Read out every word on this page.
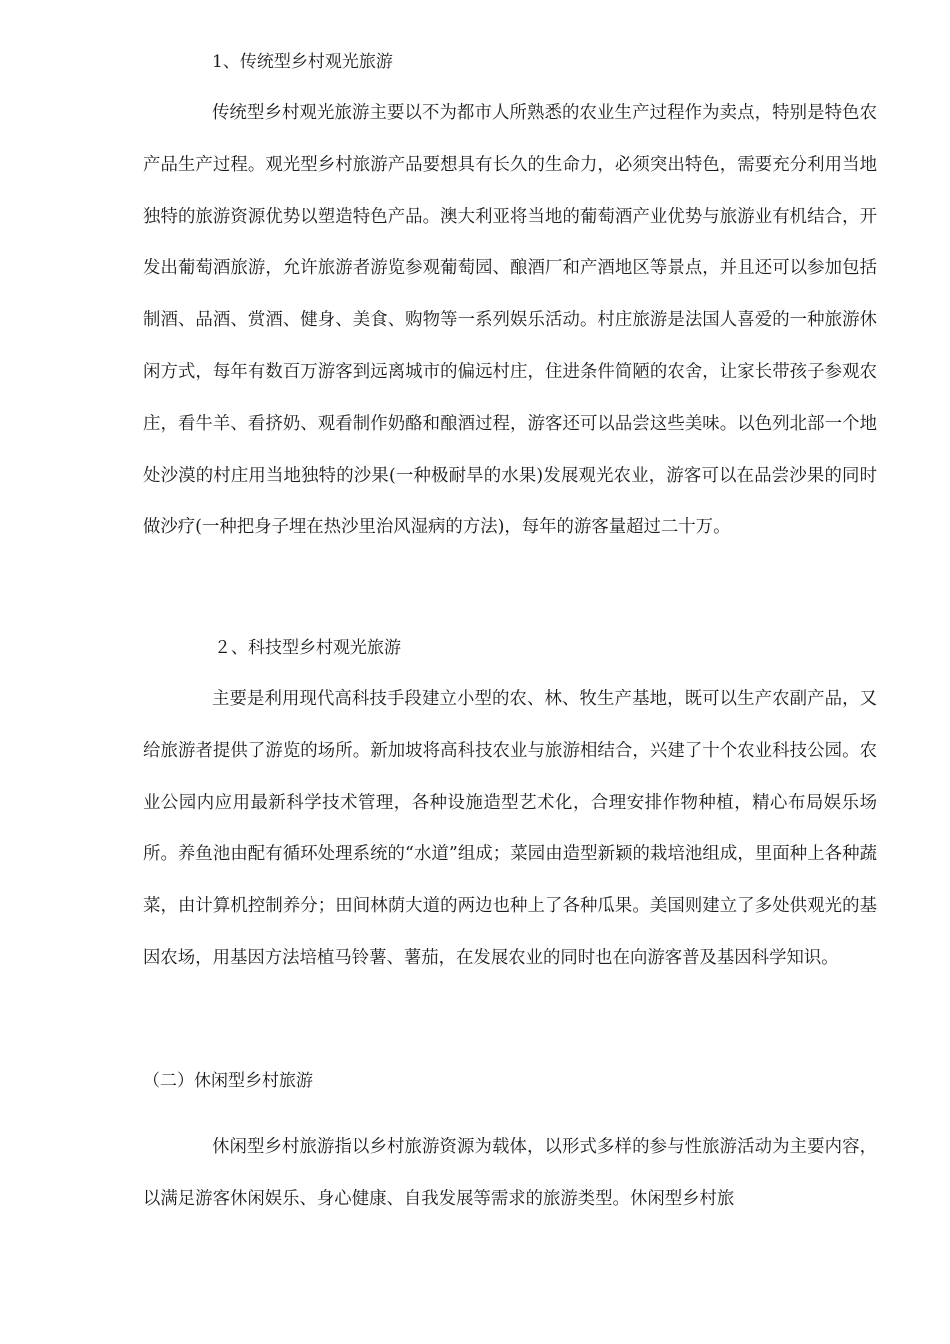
1、传统型乡村观光旅游

传统型乡村观光旅游主要以不为都市人所熟悉的农业生产过程作为卖点，特别是特色农产品生产过程。观光型乡村旅游产品要想具有长久的生命力，必须突出特色，需要充分利用当地独特的旅游资源优势以塑造特色产品。澳大利亚将当地的葡萄酒产业优势与旅游业有机结合，开发出葡萄酒旅游，允许旅游者游览参观葡萄园、酿酒厂和产酒地区等景点，并且还可以参加包括制酒、品酒、赏酒、健身、美食、购物等一系列娱乐活动。村庄旅游是法国人喜爱的一种旅游休闲方式，每年有数百万游客到远离城市的偏远村庄，住进条件简陋的农舍，让家长带孩子参观农庄，看牛羊、看挤奶、观看制作奶酪和酿酒过程，游客还可以品尝这些美味。以色列北部一个地处沙漠的村庄用当地独特的沙果(一种极耐旱的水果)发展观光农业，游客可以在品尝沙果的同时做沙疗(一种把身子埋在热沙里治风湿病的方法)，每年的游客量超过二十万。

２、科技型乡村观光旅游

主要是利用现代高科技手段建立小型的农、林、牧生产基地，既可以生产农副产品，又给旅游者提供了游览的场所。新加坡将高科技农业与旅游相结合，兴建了十个农业科技公园。农业公园内应用最新科学技术管理，各种设施造型艺术化，合理安排作物种植，精心布局娱乐场所。养鱼池由配有循环处理系统的“水道”组成；菜园由造型新颖的栽培池组成，里面种上各种蔬菜，由计算机控制养分；田间林荫大道的两边也种上了各种瓜果。美国则建立了多处供观光的基因农场，用基因方法培植马铃薯、薯茄，在发展农业的同时也在向游客普及基因科学知识。

（二）休闲型乡村旅游

休闲型乡村旅游指以乡村旅游资源为载体，以形式多样的参与性旅游活动为主要内容，以满足游客休闲娱乐、身心健康、自我发展等需求的旅游类型。休闲型乡村旅
